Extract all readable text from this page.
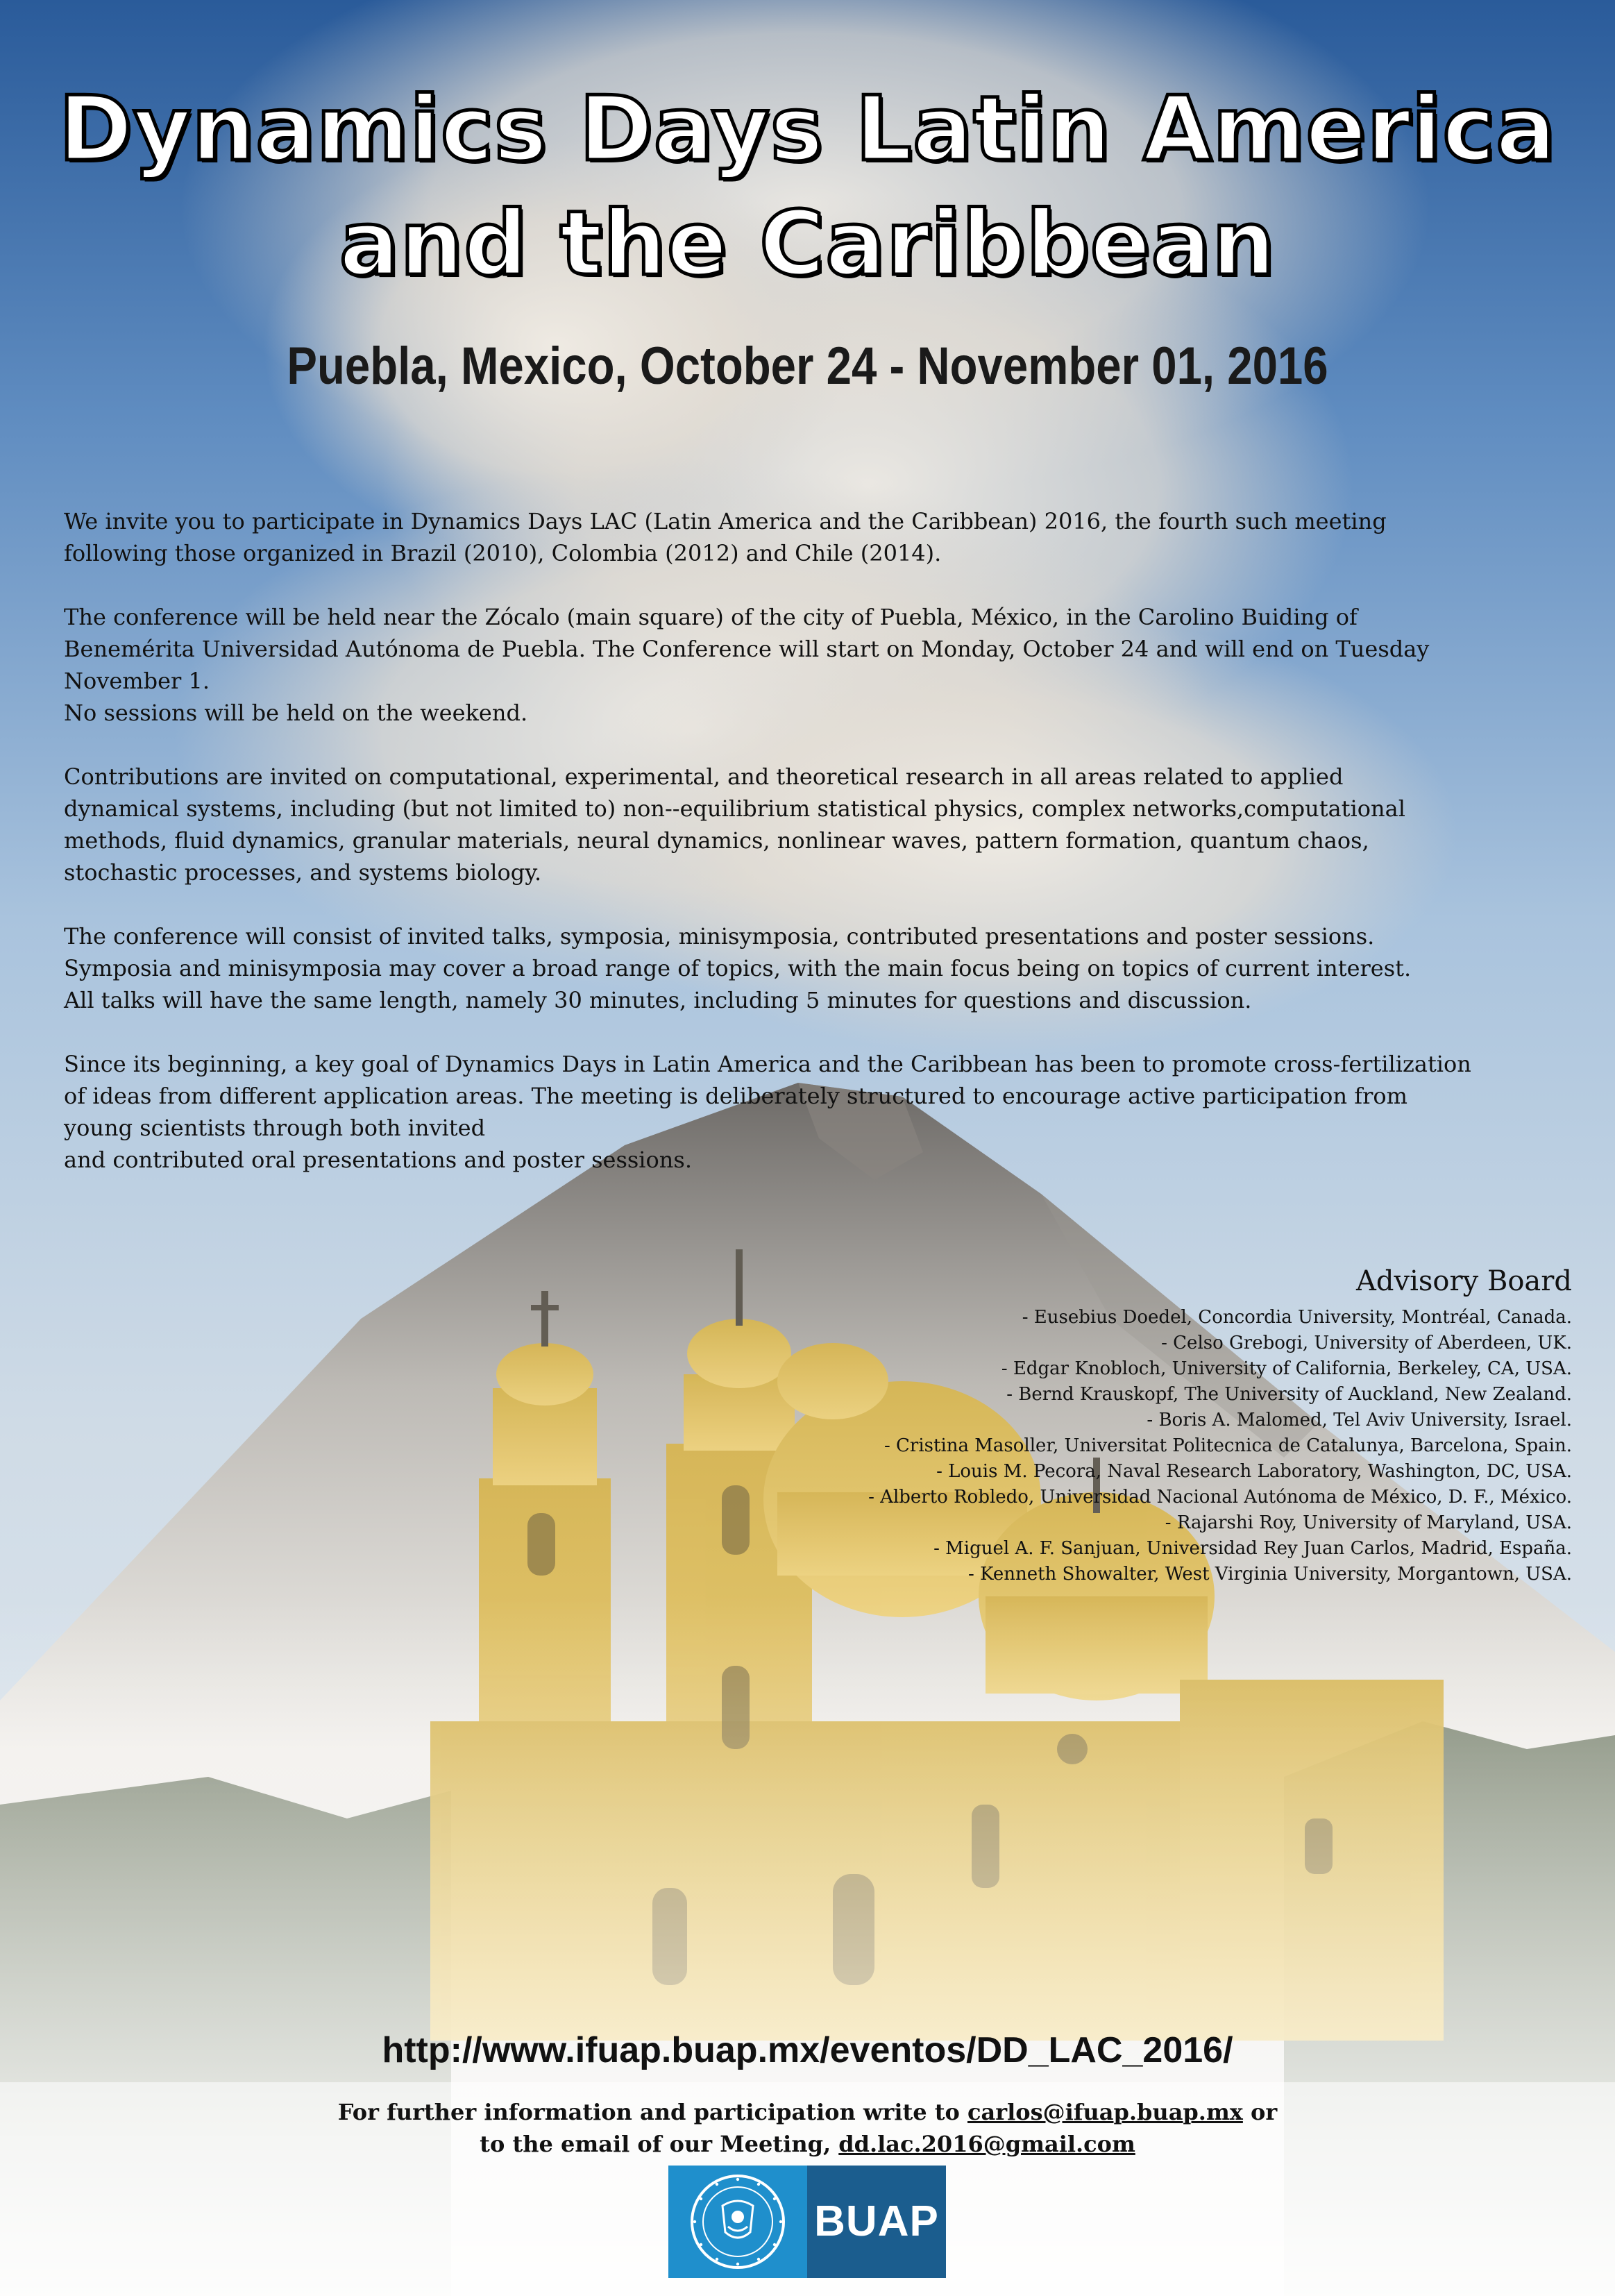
Dynamics Days Latin America
and the Caribbean
Puebla, Mexico, October 24 - November 01, 2016

We invite you to participate in Dynamics Days LAC (Latin America and the Caribbean) 2016, the fourth such meeting
following those organized in Brazil (2010), Colombia (2012) and Chile (2014).

The conference will be held near the Zócalo (main square) of the city of Puebla, México, in the Carolino Buiding of
Benemérita Universidad Autónoma de Puebla. The Conference will start on Monday, October 24 and will end on Tuesday
November 1.
No sessions will be held on the weekend.

Contributions are invited on computational, experimental, and theoretical research in all areas related to applied
dynamical systems, including (but not limited to) non--equilibrium statistical physics, complex networks,computational
methods, fluid dynamics, granular materials, neural dynamics, nonlinear waves, pattern formation, quantum chaos,
stochastic processes, and systems biology.

The conference will consist of invited talks, symposia, minisymposia, contributed presentations and poster sessions.
Symposia and minisymposia may cover a broad range of topics, with the main focus being on topics of current interest.
All talks will have the same length, namely 30 minutes, including 5 minutes for questions and discussion.

Since its beginning, a key goal of Dynamics Days in Latin America and the Caribbean has been to promote cross-fertilization
of ideas from different application areas. The meeting is deliberately structured to encourage active participation from
young scientists through both invited
and contributed oral presentations and poster sessions.

Advisory Board
- Eusebius Doedel, Concordia University, Montréal, Canada.
- Celso Grebogi, University of Aberdeen, UK.
- Edgar Knobloch, University of California, Berkeley, CA, USA.
- Bernd Krauskopf, The University of Auckland, New Zealand.
- Boris A. Malomed, Tel Aviv University, Israel.
- Cristina Masoller, Universitat Politecnica de Catalunya, Barcelona, Spain.
- Louis M. Pecora, Naval Research Laboratory, Washington, DC, USA.
- Alberto Robledo, Universidad Nacional Autónoma de México, D. F., México.
- Rajarshi Roy, University of Maryland, USA.
- Miguel A. F. Sanjuan, Universidad Rey Juan Carlos, Madrid, España.
- Kenneth Showalter, West Virginia University, Morgantown, USA.
http://www.ifuap.buap.mx/eventos/DD_LAC_2016/
For further information and participation write to carlos@ifuap.buap.mx or
to the email of our Meeting, dd.lac.2016@gmail.com
BUAP
